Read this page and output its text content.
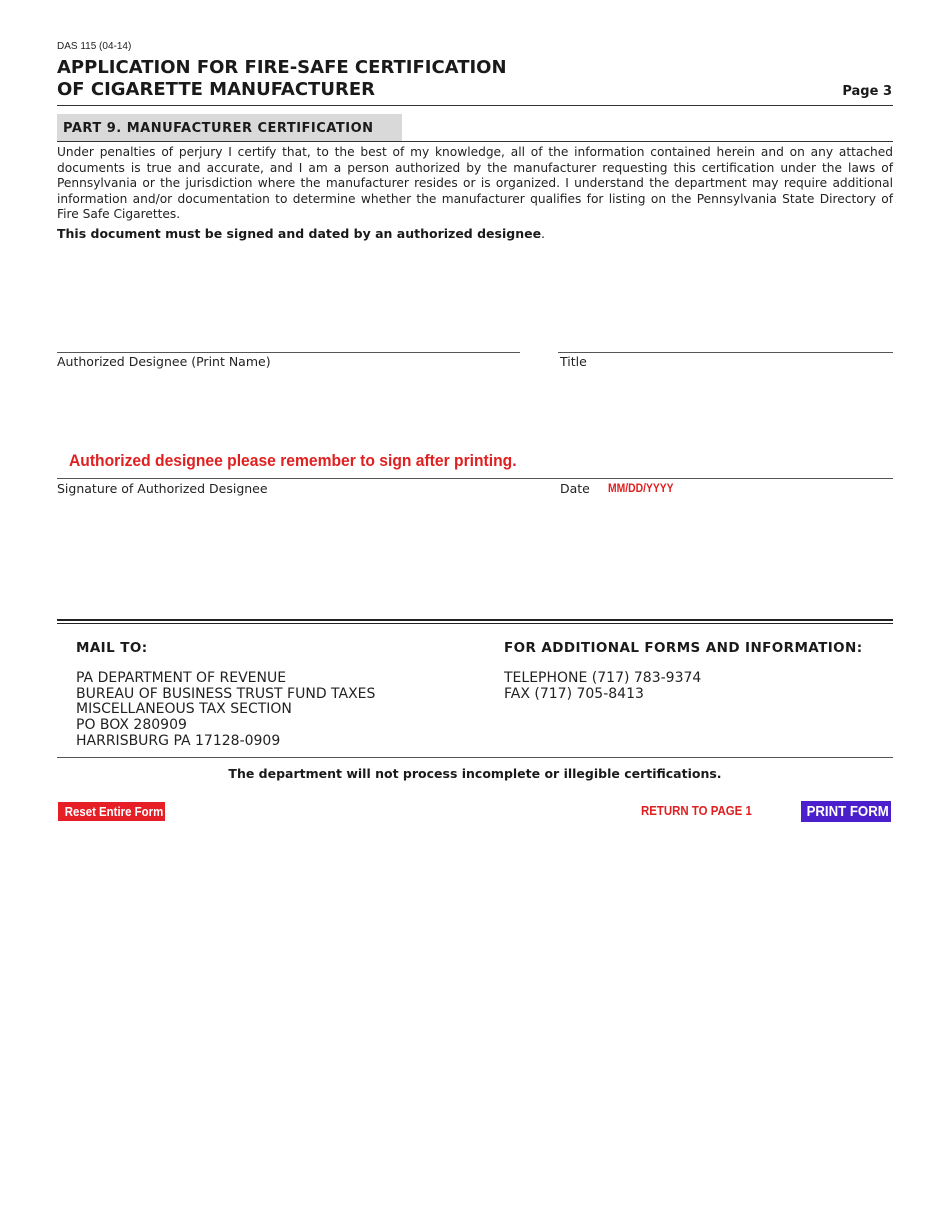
DAS 115 (04-14)
APPLICATION FOR FIRE-SAFE CERTIFICATION
OF CIGARETTE MANUFACTURER	Page 3
PART 9. MANUFACTURER CERTIFICATION
Under penalties of perjury I certify that, to the best of my knowledge, all of the information contained herein and on any attached documents is true and accurate, and I am a person authorized by the manufacturer requesting this certification under the laws of Pennsylvania or the jurisdiction where the manufacturer resides or is organized. I understand the department may require additional information and/or documentation to determine whether the manufacturer qualifies for listing on the Pennsylvania State Directory of Fire Safe Cigarettes.
This document must be signed and dated by an authorized designee.
Authorized Designee (Print Name)	Title
Authorized designee please remember to sign after printing.
Signature of Authorized Designee	Date MM/DD/YYYY
MAIL TO:
PA DEPARTMENT OF REVENUE
BUREAU OF BUSINESS TRUST FUND TAXES
MISCELLANEOUS TAX SECTION
PO BOX 280909
HARRISBURG PA 17128-0909
FOR ADDITIONAL FORMS AND INFORMATION:
TELEPHONE (717) 783-9374
FAX (717) 705-8413
The department will not process incomplete or illegible certifications.
Reset Entire Form	RETURN TO PAGE 1	PRINT FORM
